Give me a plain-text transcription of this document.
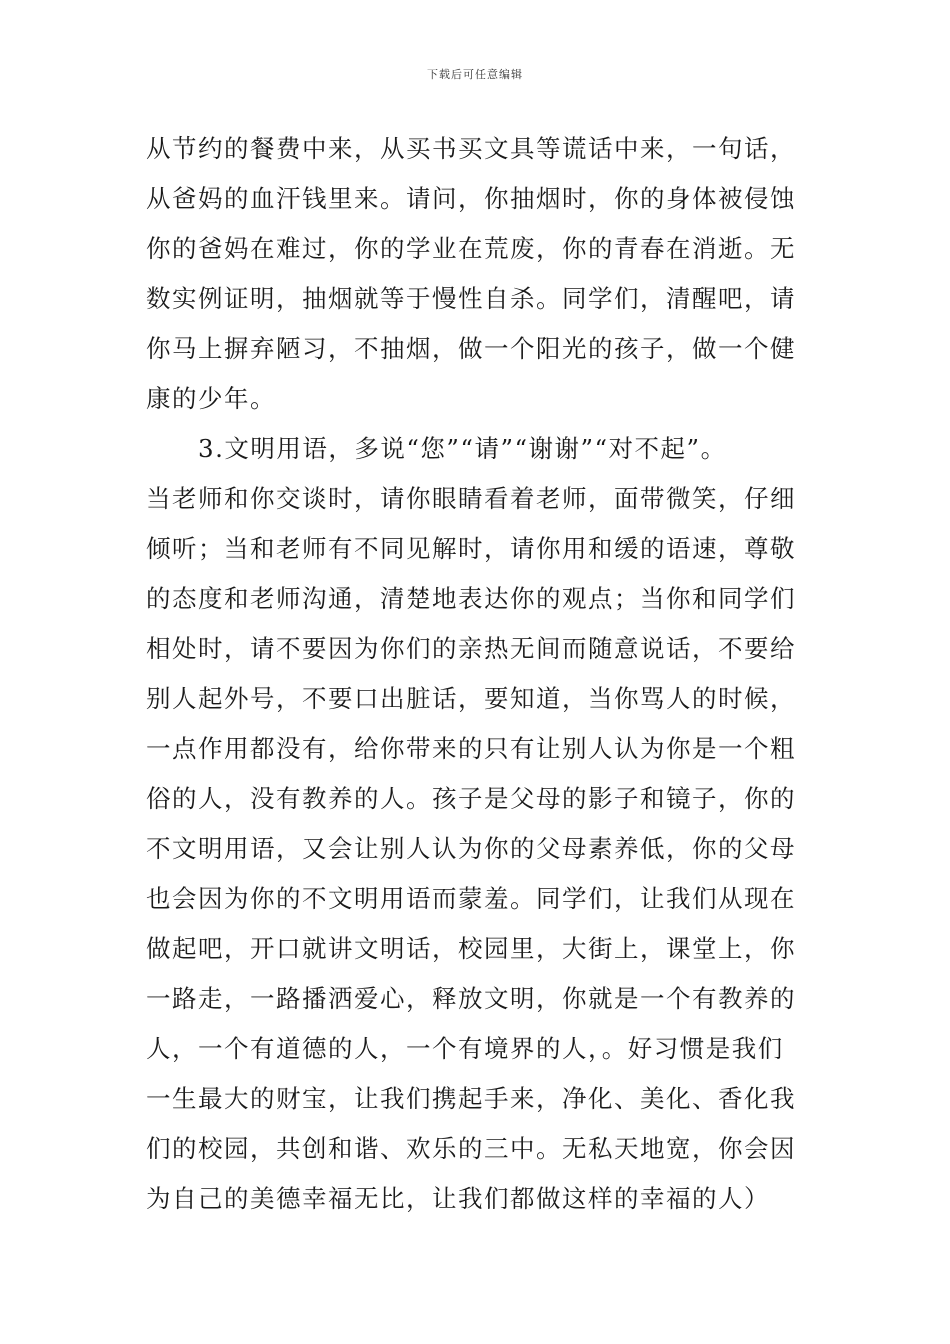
下载后可任意编辑
从节约的餐费中来，从买书买文具等谎话中来，一句话，
从爸妈的血汗钱里来。请问，你抽烟时，你的身体被侵蚀
你的爸妈在难过，你的学业在荒废，你的青春在消逝。无
数实例证明，抽烟就等于慢性自杀。同学们，清醒吧，请
你马上摒弃陋习，不抽烟，做一个阳光的孩子，做一个健
康的少年。
3.文明用语，多说“您”“请”“谢谢”“对不起”。
当老师和你交谈时，请你眼睛看着老师，面带微笑，仔细
倾听；当和老师有不同见解时，请你用和缓的语速，尊敬
的态度和老师沟通，清楚地表达你的观点；当你和同学们
相处时，请不要因为你们的亲热无间而随意说话，不要给
别人起外号，不要口出脏话，要知道，当你骂人的时候，
一点作用都没有，给你带来的只有让别人认为你是一个粗
俗的人，没有教养的人。孩子是父母的影子和镜子，你的
不文明用语，又会让别人认为你的父母素养低，你的父母
也会因为你的不文明用语而蒙羞。同学们，让我们从现在
做起吧，开口就讲文明话，校园里，大街上，课堂上，你
一路走，一路播洒爱心，释放文明，你就是一个有教养的
人，一个有道德的人，一个有境界的人，。好习惯是我们
一生最大的财宝，让我们携起手来，净化、美化、香化我
们的校园，共创和谐、欢乐的三中。无私天地宽，你会因
为自己的美德幸福无比，让我们都做这样的幸福的人）
